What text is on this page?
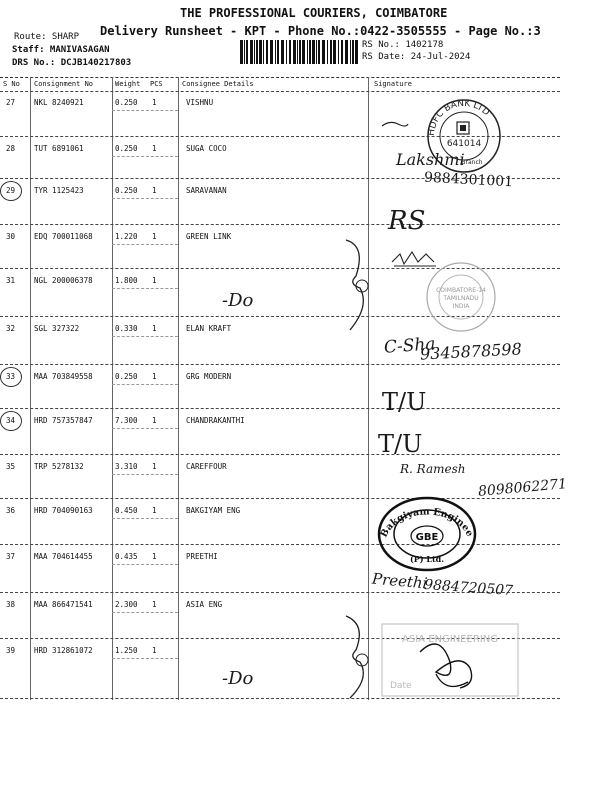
THE PROFESSIONAL COURIERS, COIMBATORE
Delivery Runsheet - KPT - Phone No.:0422-3505555 - Page No.:3
Route: SHARP
Staff: MANIVASAGAN
DRS No.: DCJB140217803
RS No.: 1402178
RS Date: 24-Jul-2024
S No Consignment No	Weight PCS	Consignee Details	Signature
27	NKL 8240921	0.250 1	VISHNU
28	TUT 6891061	0.250 1	SUGA COCO
29	TYR 1125423	0.250 1	SARAVANAN
30	EDQ 700011068	1.220 1	GREEN LINK
31	NGL 200006378	1.800 1
32	SGL 327322	0.330 1	ELAN KRAFT
33	MAA 703849558	0.250 1	GRG MODERN
34	HRD 757357847	7.300 1	CHANDRAKANTHI
35	TRP 5278132	3.310 1	CAREFFOUR
36	HRD 704090163	0.450 1	BAKGIYAM ENG
37	MAA 704614455	0.435 1	PREETHI
38	MAA 866471541	2.300 1	ASIA ENG
39	HRD 312861072	1.250 1
HDFC BANK LTD
641014
Branch
Lakshmi
9884301001
RS
-Do	COIMBATORE-14
TAMILNADU
INDIA
C-Sha
9345878598
T/U
T/U
R. Ramesh
8098062271
Bakgiyam Engineering
GBE
(P) Ltd.
Preethi
9884720507
ASIA ENGINEERING
Date
-Do
